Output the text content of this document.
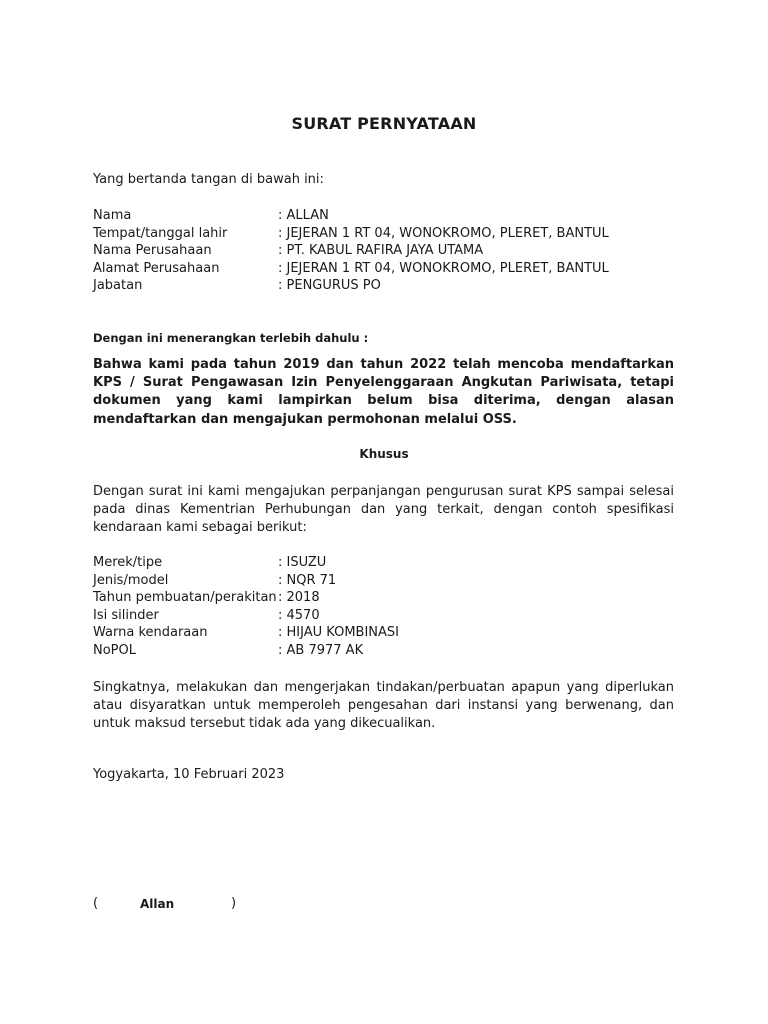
SURAT PERNYATAAN
Yang bertanda tangan di bawah ini:
Nama	: ALLAN
Tempat/tanggal lahir	: JEJERAN 1 RT 04, WONOKROMO, PLERET, BANTUL
Nama Perusahaan	: PT. KABUL RAFIRA JAYA UTAMA
Alamat Perusahaan	: JEJERAN 1 RT 04, WONOKROMO, PLERET, BANTUL
Jabatan	: PENGURUS PO
Dengan ini menerangkan terlebih dahulu :
Bahwa kami pada tahun 2019 dan tahun 2022 telah mencoba mendaftarkan KPS / Surat Pengawasan Izin Penyelenggaraan Angkutan Pariwisata, tetapi dokumen yang kami lampirkan belum bisa diterima, dengan alasan mendaftarkan dan mengajukan permohonan melalui OSS.
Khusus
Dengan surat ini kami mengajukan perpanjangan pengurusan surat KPS sampai selesai pada dinas Kementrian Perhubungan dan yang terkait, dengan contoh spesifikasi kendaraan kami sebagai berikut:
Merek/tipe	: ISUZU
Jenis/model	: NQR 71
Tahun pembuatan/perakitan : 2018
Isi silinder	: 4570
Warna kendaraan	: HIJAU KOMBINASI
NoPOL	: AB 7977 AK
Singkatnya, melakukan dan mengerjakan tindakan/perbuatan apapun yang diperlukan atau disyaratkan untuk memperoleh pengesahan dari instansi yang berwenang, dan untuk maksud tersebut tidak ada yang dikecualikan.
Yogyakarta, 10 Februari 2023
(	Allan	)
